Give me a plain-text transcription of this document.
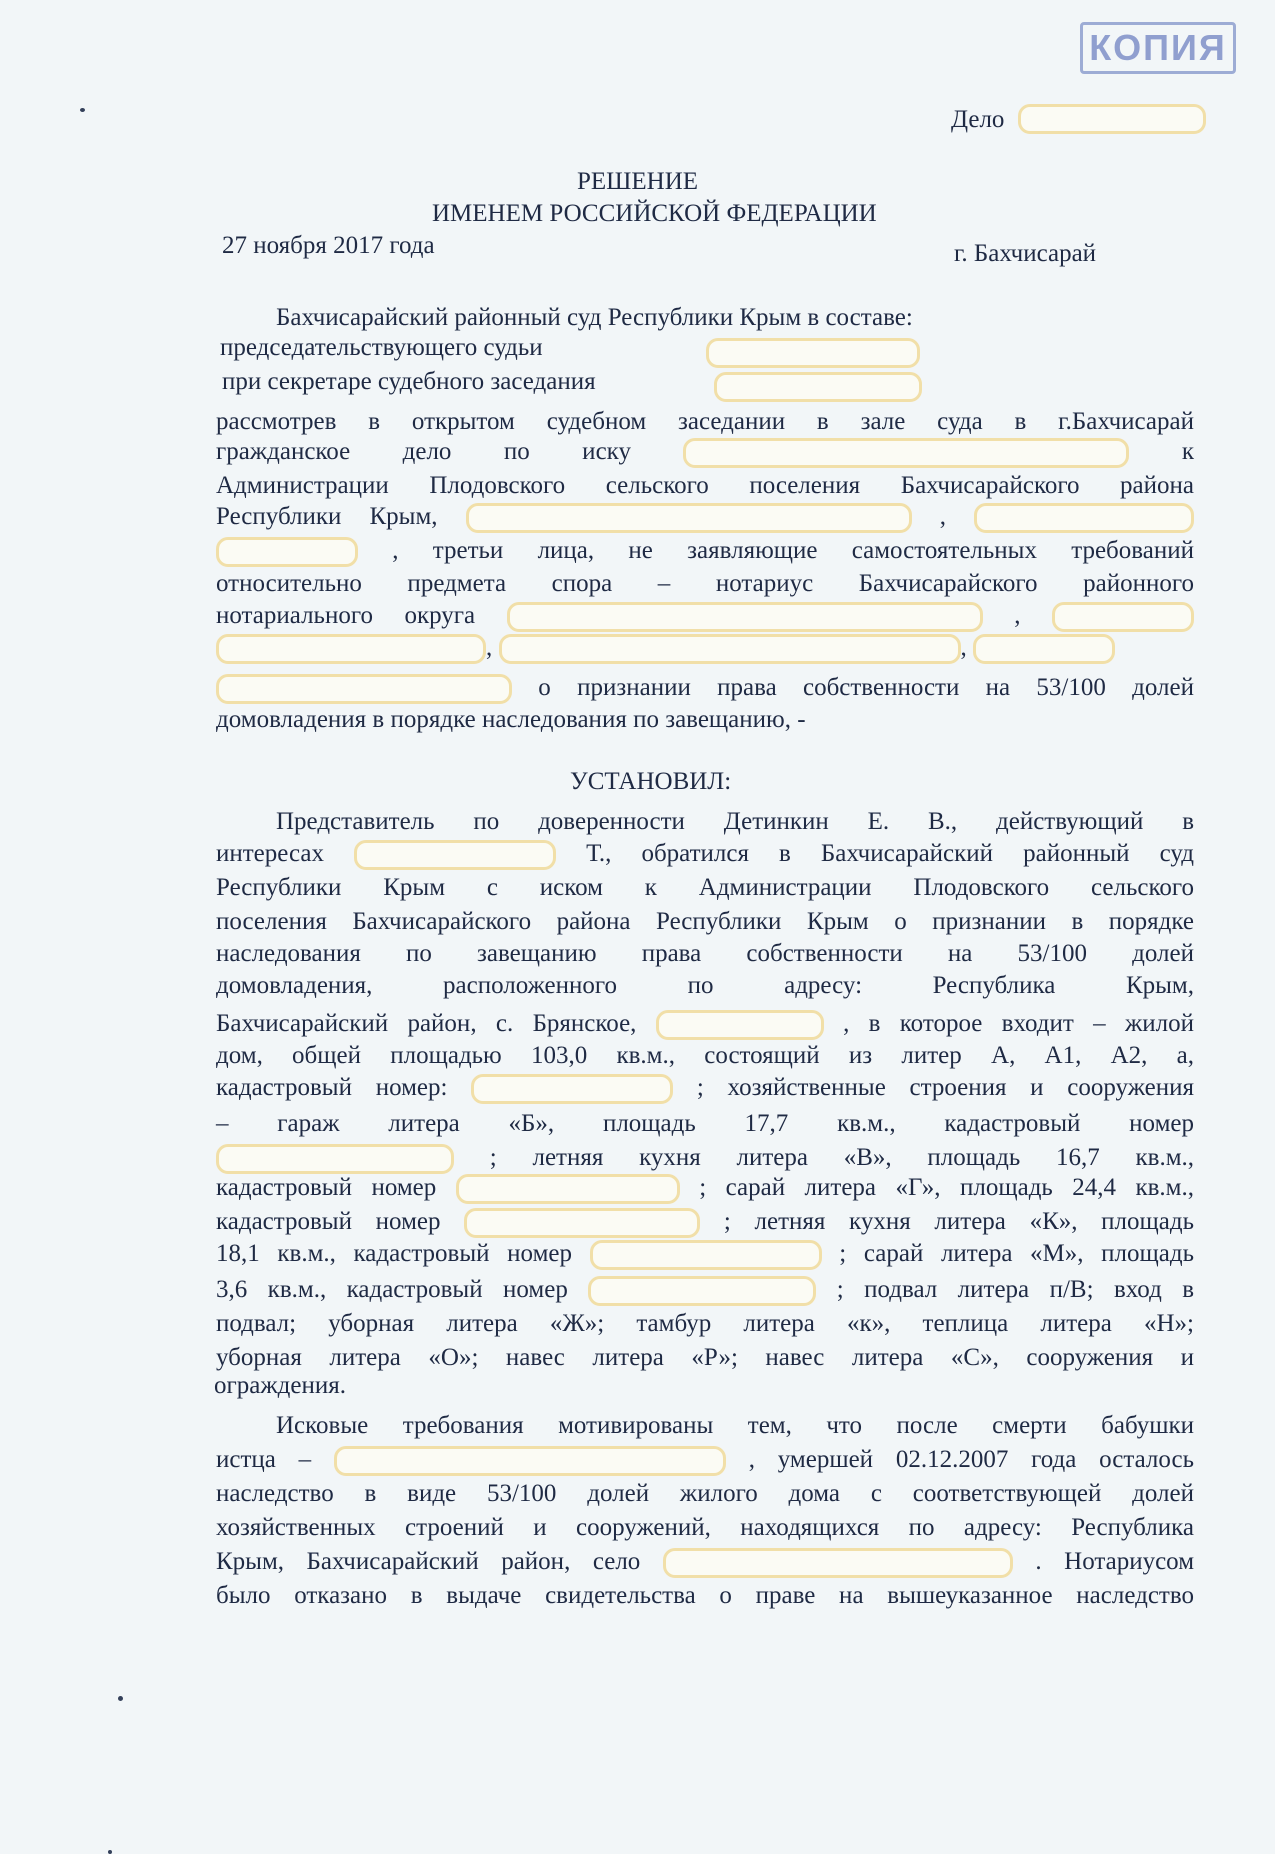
КОПИЯ
Дело
РЕШЕНИЕ
ИМЕНЕМ РОССИЙСКОЙ ФЕДЕРАЦИИ
27 ноября 2017 года	г. Бахчисарай
Бахчисарайский районный суд Республики Крым в составе:
председательствующего судьи
при секретаре судебного заседания
рассмотрев в открытом судебном заседании в зале суда в г.Бахчисарай
гражданское дело по иску	к
Администрации Плодовского сельского поселения Бахчисарайского района
Республики Крым,	,
, третьи лица, не заявляющие самостоятельных требований
относительно предмета спора – нотариус Бахчисарайского районного
нотариального округа	,
,	,
о признании права собственности на 53/100 долей
домовладения в порядке наследования по завещанию, -
УСТАНОВИЛ:
Представитель по доверенности Детинкин Е. В., действующий в
интересах	Т., обратился в Бахчисарайский районный суд
Республики Крым с иском к Администрации Плодовского сельского
поселения Бахчисарайского района Республики Крым о признании в порядке
наследования по завещанию права собственности на 53/100 долей
домовладения, расположенного по адресу: Республика Крым,
Бахчисарайский район, с. Брянское,	, в которое входит – жилой
дом, общей площадью 103,0 кв.м., состоящий из литер А, А1, А2, а,
кадастровый номер:	; хозяйственные строения и сооружения
– гараж литера «Б», площадь 17,7 кв.м., кадастровый номер
; летняя кухня литера «В», площадь 16,7 кв.м.,
кадастровый номер	; сарай литера «Г», площадь 24,4 кв.м.,
кадастровый номер	; летняя кухня литера «К», площадь
18,1 кв.м., кадастровый номер	; сарай литера «М», площадь
3,6 кв.м., кадастровый номер	; подвал литера п/В; вход в
подвал; уборная литера «Ж»; тамбур литера «к», теплица литера «Н»;
уборная литера «О»; навес литера «Р»; навес литера «С», сооружения и
ограждения.
Исковые требования мотивированы тем, что после смерти бабушки
истца –	, умершей 02.12.2007 года осталось
наследство в виде 53/100 долей жилого дома с соответствующей долей
хозяйственных строений и сооружений, находящихся по адресу: Республика
Крым, Бахчисарайский район, село	. Нотариусом
было отказано в выдаче свидетельства о праве на вышеуказанное наследство
